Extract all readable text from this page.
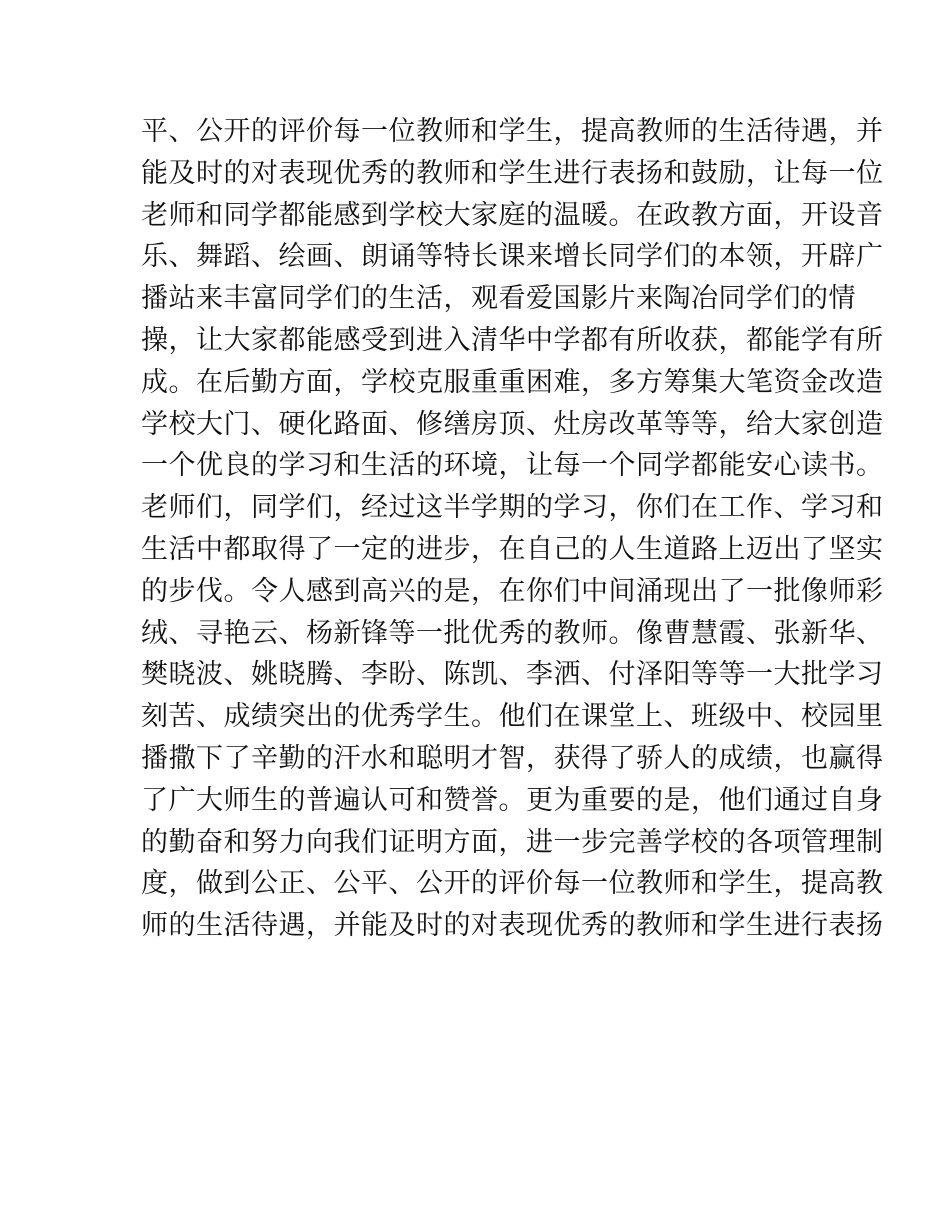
平、公开的评价每一位教师和学生，提高教师的生活待遇，并
能及时的对表现优秀的教师和学生进行表扬和鼓励，让每一位
老师和同学都能感到学校大家庭的温暖。在政教方面，开设音
乐、舞蹈、绘画、朗诵等特长课来增长同学们的本领，开辟广
播站来丰富同学们的生活，观看爱国影片来陶冶同学们的情
操，让大家都能感受到进入清华中学都有所收获，都能学有所
成。在后勤方面，学校克服重重困难，多方筹集大笔资金改造
学校大门、硬化路面、修缮房顶、灶房改革等等，给大家创造
一个优良的学习和生活的环境，让每一个同学都能安心读书。
老师们，同学们，经过这半学期的学习，你们在工作、学习和
生活中都取得了一定的进步，在自己的人生道路上迈出了坚实
的步伐。令人感到高兴的是，在你们中间涌现出了一批像师彩
绒、寻艳云、杨新锋等一批优秀的教师。像曹慧霞、张新华、
樊晓波、姚晓腾、李盼、陈凯、李洒、付泽阳等等一大批学习
刻苦、成绩突出的优秀学生。他们在课堂上、班级中、校园里
播撒下了辛勤的汗水和聪明才智，获得了骄人的成绩，也赢得
了广大师生的普遍认可和赞誉。更为重要的是，他们通过自身
的勤奋和努力向我们证明方面，进一步完善学校的各项管理制
度，做到公正、公平、公开的评价每一位教师和学生，提高教
师的生活待遇，并能及时的对表现优秀的教师和学生进行表扬
